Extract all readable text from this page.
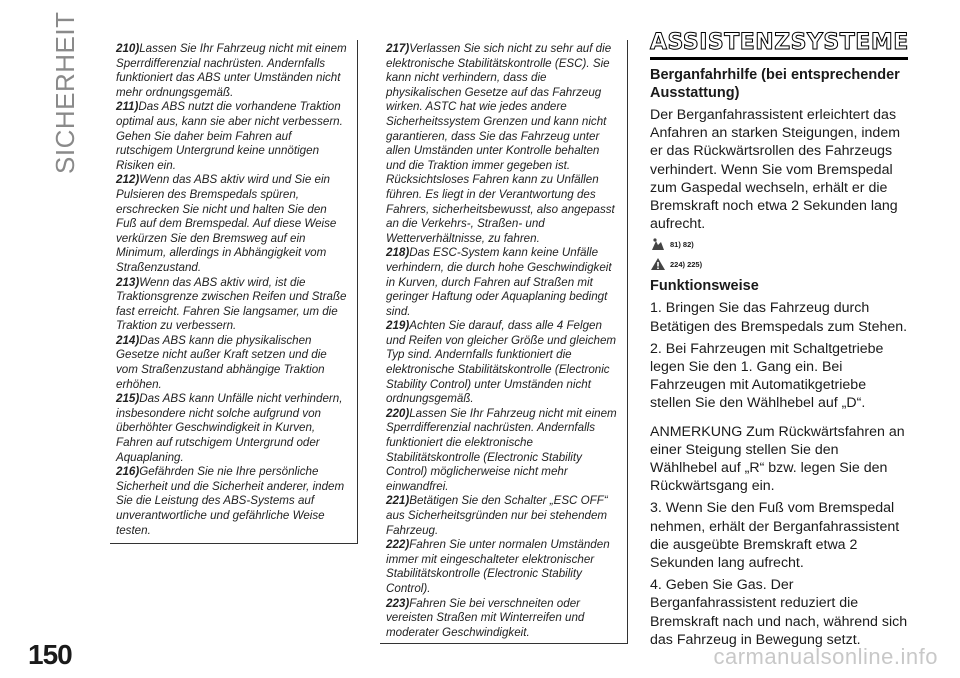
SICHERHEIT	210)Lassen Sie Ihr Fahrzeug nicht mit einem Sperrdifferenzial nachrüsten. Andernfalls funktioniert das ABS unter Umständen nicht mehr ordnungsgemäß.

211)Das ABS nutzt die vorhandene Traktion optimal aus, kann sie aber nicht verbessern. Gehen Sie daher beim Fahren auf rutschigem Untergrund keine unnötigen Risiken ein.

212)Wenn das ABS aktiv wird und Sie ein Pulsieren des Bremspedals spüren, erschrecken Sie nicht und halten Sie den Fuß auf dem Bremspedal. Auf diese Weise verkürzen Sie den Bremsweg auf ein Minimum, allerdings in Abhängigkeit vom Straßenzustand.

213)Wenn das ABS aktiv wird, ist die Traktionsgrenze zwischen Reifen und Straße fast erreicht. Fahren Sie langsamer, um die Traktion zu verbessern.

214)Das ABS kann die physikalischen Gesetze nicht außer Kraft setzen und die vom Straßenzustand abhängige Traktion erhöhen.

215)Das ABS kann Unfälle nicht verhindern, insbesondere nicht solche aufgrund von überhöhter Geschwindigkeit in Kurven, Fahren auf rutschigem Untergrund oder Aquaplaning.

216)Gefährden Sie nie Ihre persönliche Sicherheit und die Sicherheit anderer, indem Sie die Leistung des ABS-Systems auf unverantwortliche und gefährliche Weise testen.

217)Verlassen Sie sich nicht zu sehr auf die elektronische Stabilitätskontrolle (ESC). Sie kann nicht verhindern, dass die physikalischen Gesetze auf das Fahrzeug wirken. ASTC hat wie jedes andere Sicherheitssystem Grenzen und kann nicht garantieren, dass Sie das Fahrzeug unter allen Umständen unter Kontrolle behalten und die Traktion immer gegeben ist. Rücksichtsloses Fahren kann zu Unfällen führen. Es liegt in der Verantwortung des Fahrers, sicherheitsbewusst, also angepasst an die Verkehrs-, Straßen- und Wetterverhältnisse, zu fahren.

218)Das ESC-System kann keine Unfälle verhindern, die durch hohe Geschwindigkeit in Kurven, durch Fahren auf Straßen mit geringer Haftung oder Aquaplaning bedingt sind.

219)Achten Sie darauf, dass alle 4 Felgen und Reifen von gleicher Größe und gleichem Typ sind. Andernfalls funktioniert die elektronische Stabilitätskontrolle (Electronic Stability Control) unter Umständen nicht ordnungsgemäß.

220)Lassen Sie Ihr Fahrzeug nicht mit einem Sperrdifferenzial nachrüsten. Andernfalls funktioniert die elektronische Stabilitätskontrolle (Electronic Stability Control) möglicherweise nicht mehr einwandfrei.

221)Betätigen Sie den Schalter „ESC OFF“ aus Sicherheitsgründen nur bei stehendem Fahrzeug.

222)Fahren Sie unter normalen Umständen immer mit eingeschalteter elektronischer Stabilitätskontrolle (Electronic Stability Control).

223)Fahren Sie bei verschneiten oder vereisten Straßen mit Winterreifen und moderater Geschwindigkeit.

ASSISTENZSYSTEME
Berganfahrhilfe (bei entsprechender Ausstattung)

Der Berganfahrassistent erleichtert das Anfahren an starken Steigungen, indem er das Rückwärtsrollen des Fahrzeugs verhindert. Wenn Sie vom Bremspedal zum Gaspedal wechseln, erhält er die Bremskraft noch etwa 2 Sekunden lang aufrecht.

81) 82)
224) 225)
Funktionsweise

1. Bringen Sie das Fahrzeug durch Betätigen des Bremspedals zum Stehen.

2. Bei Fahrzeugen mit Schaltgetriebe legen Sie den 1. Gang ein. Bei Fahrzeugen mit Automatikgetriebe stellen Sie den Wählhebel auf „D“.

ANMERKUNG Zum Rückwärtsfahren an einer Steigung stellen Sie den Wählhebel auf „R“ bzw. legen Sie den Rückwärtsgang ein.

3. Wenn Sie den Fuß vom Bremspedal nehmen, erhält der Berganfahrassistent die ausgeübte Bremskraft etwa 2 Sekunden lang aufrecht.

4. Geben Sie Gas. Der Berganfahrassistent reduziert die Bremskraft nach und nach, während sich das Fahrzeug in Bewegung setzt.

150	carmanualsonline.info
